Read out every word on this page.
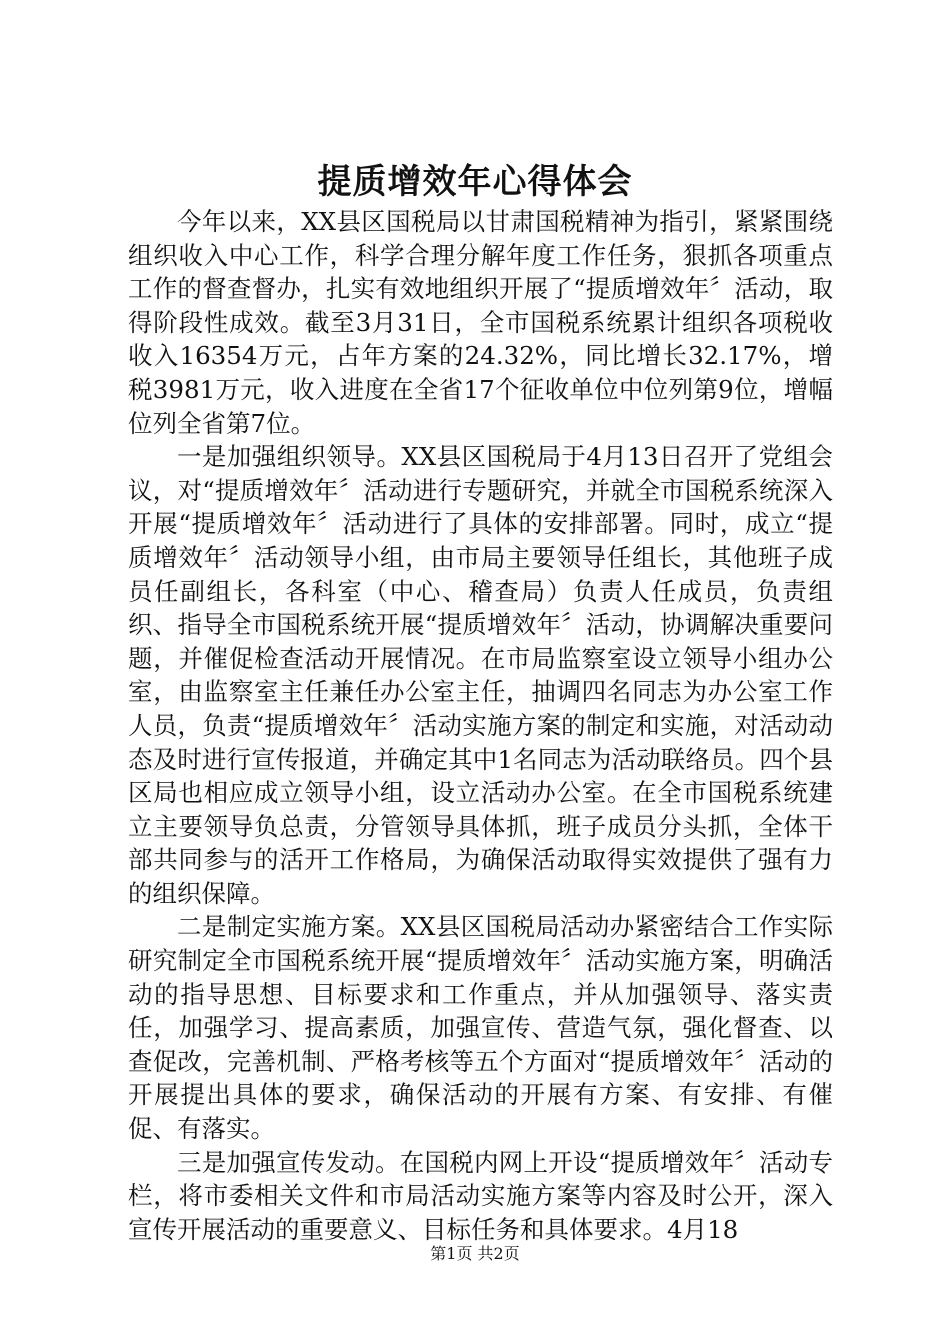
提质增效年心得体会

今年以来，XX县区国税局以甘肃国税精神为指引，紧紧围绕组织收入中心工作，科学合理分解年度工作任务，狠抓各项重点工作的督查督办，扎实有效地组织开展了“提质增效年〞活动，取得阶段性成效。截至3月31日，全市国税系统累计组织各项税收收入16354万元，占年方案的24.32%，同比增长32.17%，增税3981万元，收入进度在全省17个征收单位中位列第9位，增幅位列全省第7位。

一是加强组织领导。XX县区国税局于4月13日召开了党组会议，对“提质增效年〞活动进行专题研究，并就全市国税系统深入开展“提质增效年〞活动进行了具体的安排部署。同时，成立“提质增效年〞活动领导小组，由市局主要领导任组长，其他班子成员任副组长，各科室（中心、稽查局）负责人任成员，负责组织、指导全市国税系统开展“提质增效年〞活动，协调解决重要问题，并催促检查活动开展情况。在市局监察室设立领导小组办公室，由监察室主任兼任办公室主任，抽调四名同志为办公室工作人员，负责“提质增效年〞活动实施方案的制定和实施，对活动动态及时进行宣传报道，并确定其中1名同志为活动联络员。四个县区局也相应成立领导小组，设立活动办公室。在全市国税系统建立主要领导负总责，分管领导具体抓，班子成员分头抓，全体干部共同参与的活开工作格局，为确保活动取得实效提供了强有力的组织保障。

二是制定实施方案。XX县区国税局活动办紧密结合工作实际研究制定全市国税系统开展“提质增效年〞活动实施方案，明确活动的指导思想、目标要求和工作重点，并从加强领导、落实责任，加强学习、提高素质，加强宣传、营造气氛，强化督查、以查促改，完善机制、严格考核等五个方面对“提质增效年〞活动的开展提出具体的要求，确保活动的开展有方案、有安排、有催促、有落实。

三是加强宣传发动。在国税内网上开设“提质增效年〞活动专栏，将市委相关文件和市局活动实施方案等内容及时公开，深入宣传开展活动的重要意义、目标任务和具体要求。4月18

第1页 共2页
